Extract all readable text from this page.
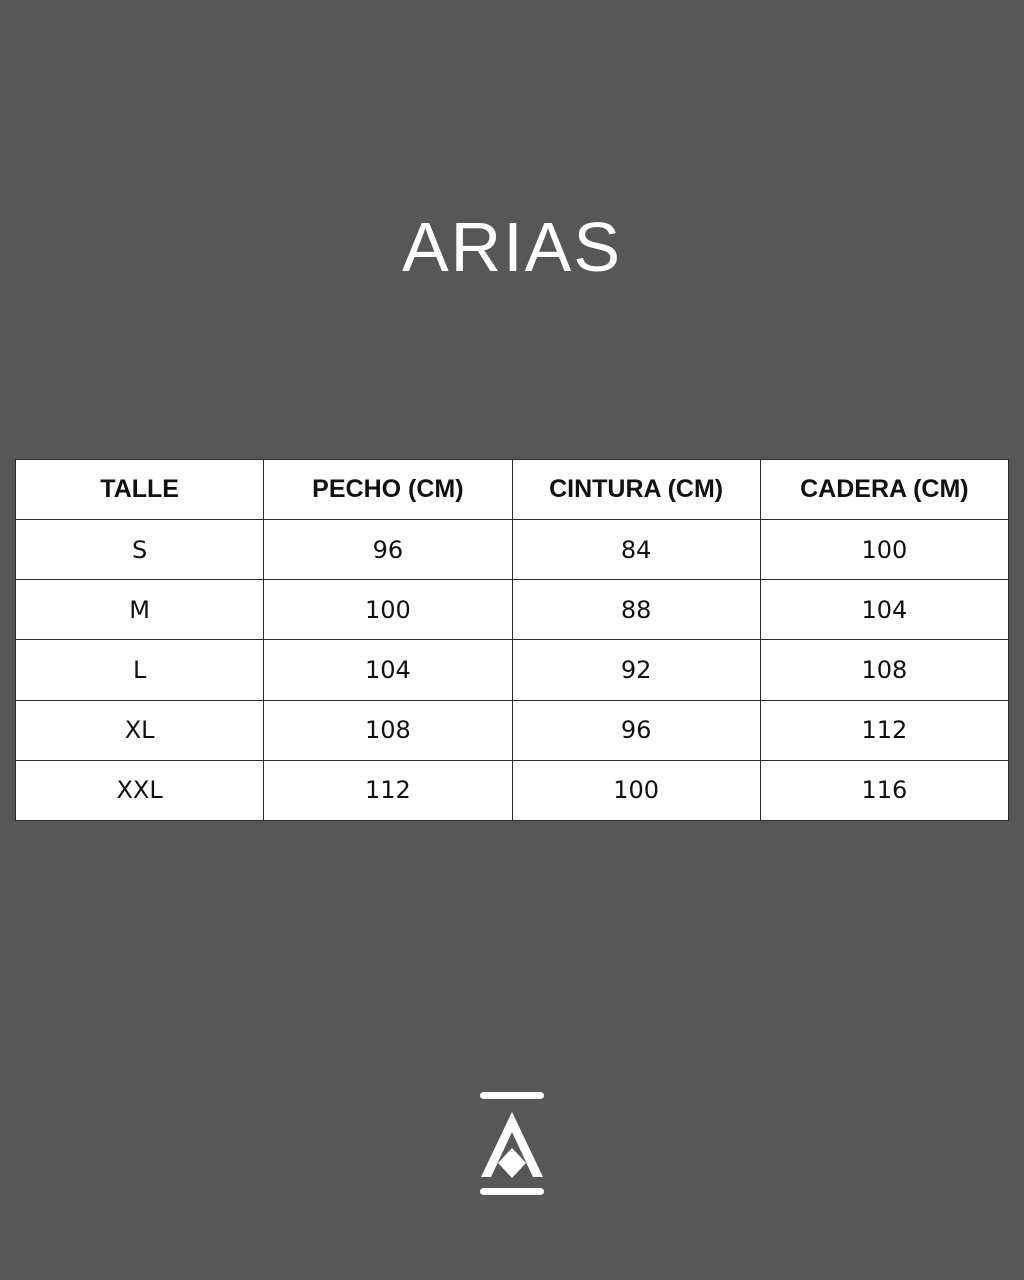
ARIAS
TALLE	PECHO (CM)	CINTURA (CM)	CADERA (CM)
S	96	84	100
M	100	88	104
L	104	92	108
XL	108	96	112
XXL	112	100	116
